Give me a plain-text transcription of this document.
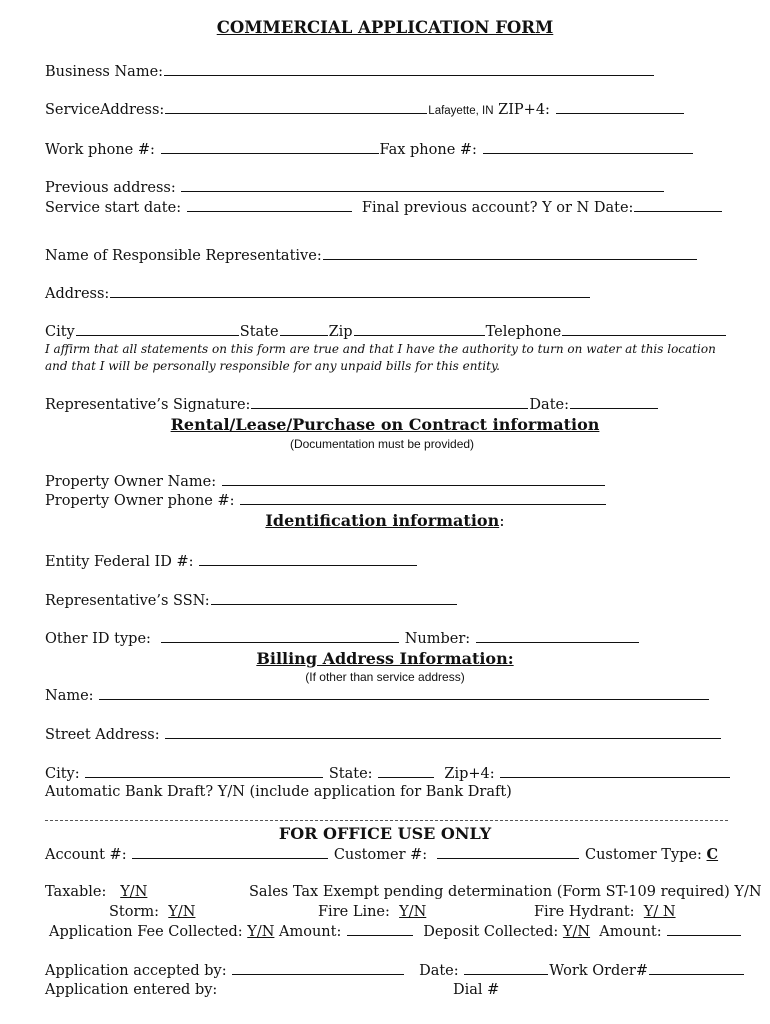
COMMERCIAL APPLICATION FORM
Business Name:
ServiceAddress:	Lafayette, IN ZIP+4:
Work phone #:	Fax phone #:
Previous address:
Service start date:	Final previous account? Y or N Date:
Name of Responsible Representative:
Address:
City	State	Zip	Telephone
I affirm that all statements on this form are true and that I have the authority to turn on water at this location and that I will be personally responsible for any unpaid bills for this entity.
Representative’s Signature:	Date:
Rental/Lease/Purchase on Contract information
(Documentation must be provided)
Property Owner Name:
Property Owner phone #:
Identification information:
Entity Federal ID #:
Representative’s SSN:
Other ID type:	Number:
Billing Address Information:
(If other than service address)
Name:
Street Address:
City:	State:	Zip+4:
Automatic Bank Draft? Y/N (include application for Bank Draft)
FOR OFFICE USE ONLY
Account #:	Customer #:	Customer Type: C
Taxable: Y/N	Sales Tax Exempt pending determination (Form ST-109 required) Y/N
Storm: Y/N	Fire Line: Y/N	Fire Hydrant: Y/ N
Application Fee Collected: Y/N Amount:	Deposit Collected: Y/N Amount:
Application accepted by:	Date:	Work Order#
Application entered by:	Dial #
